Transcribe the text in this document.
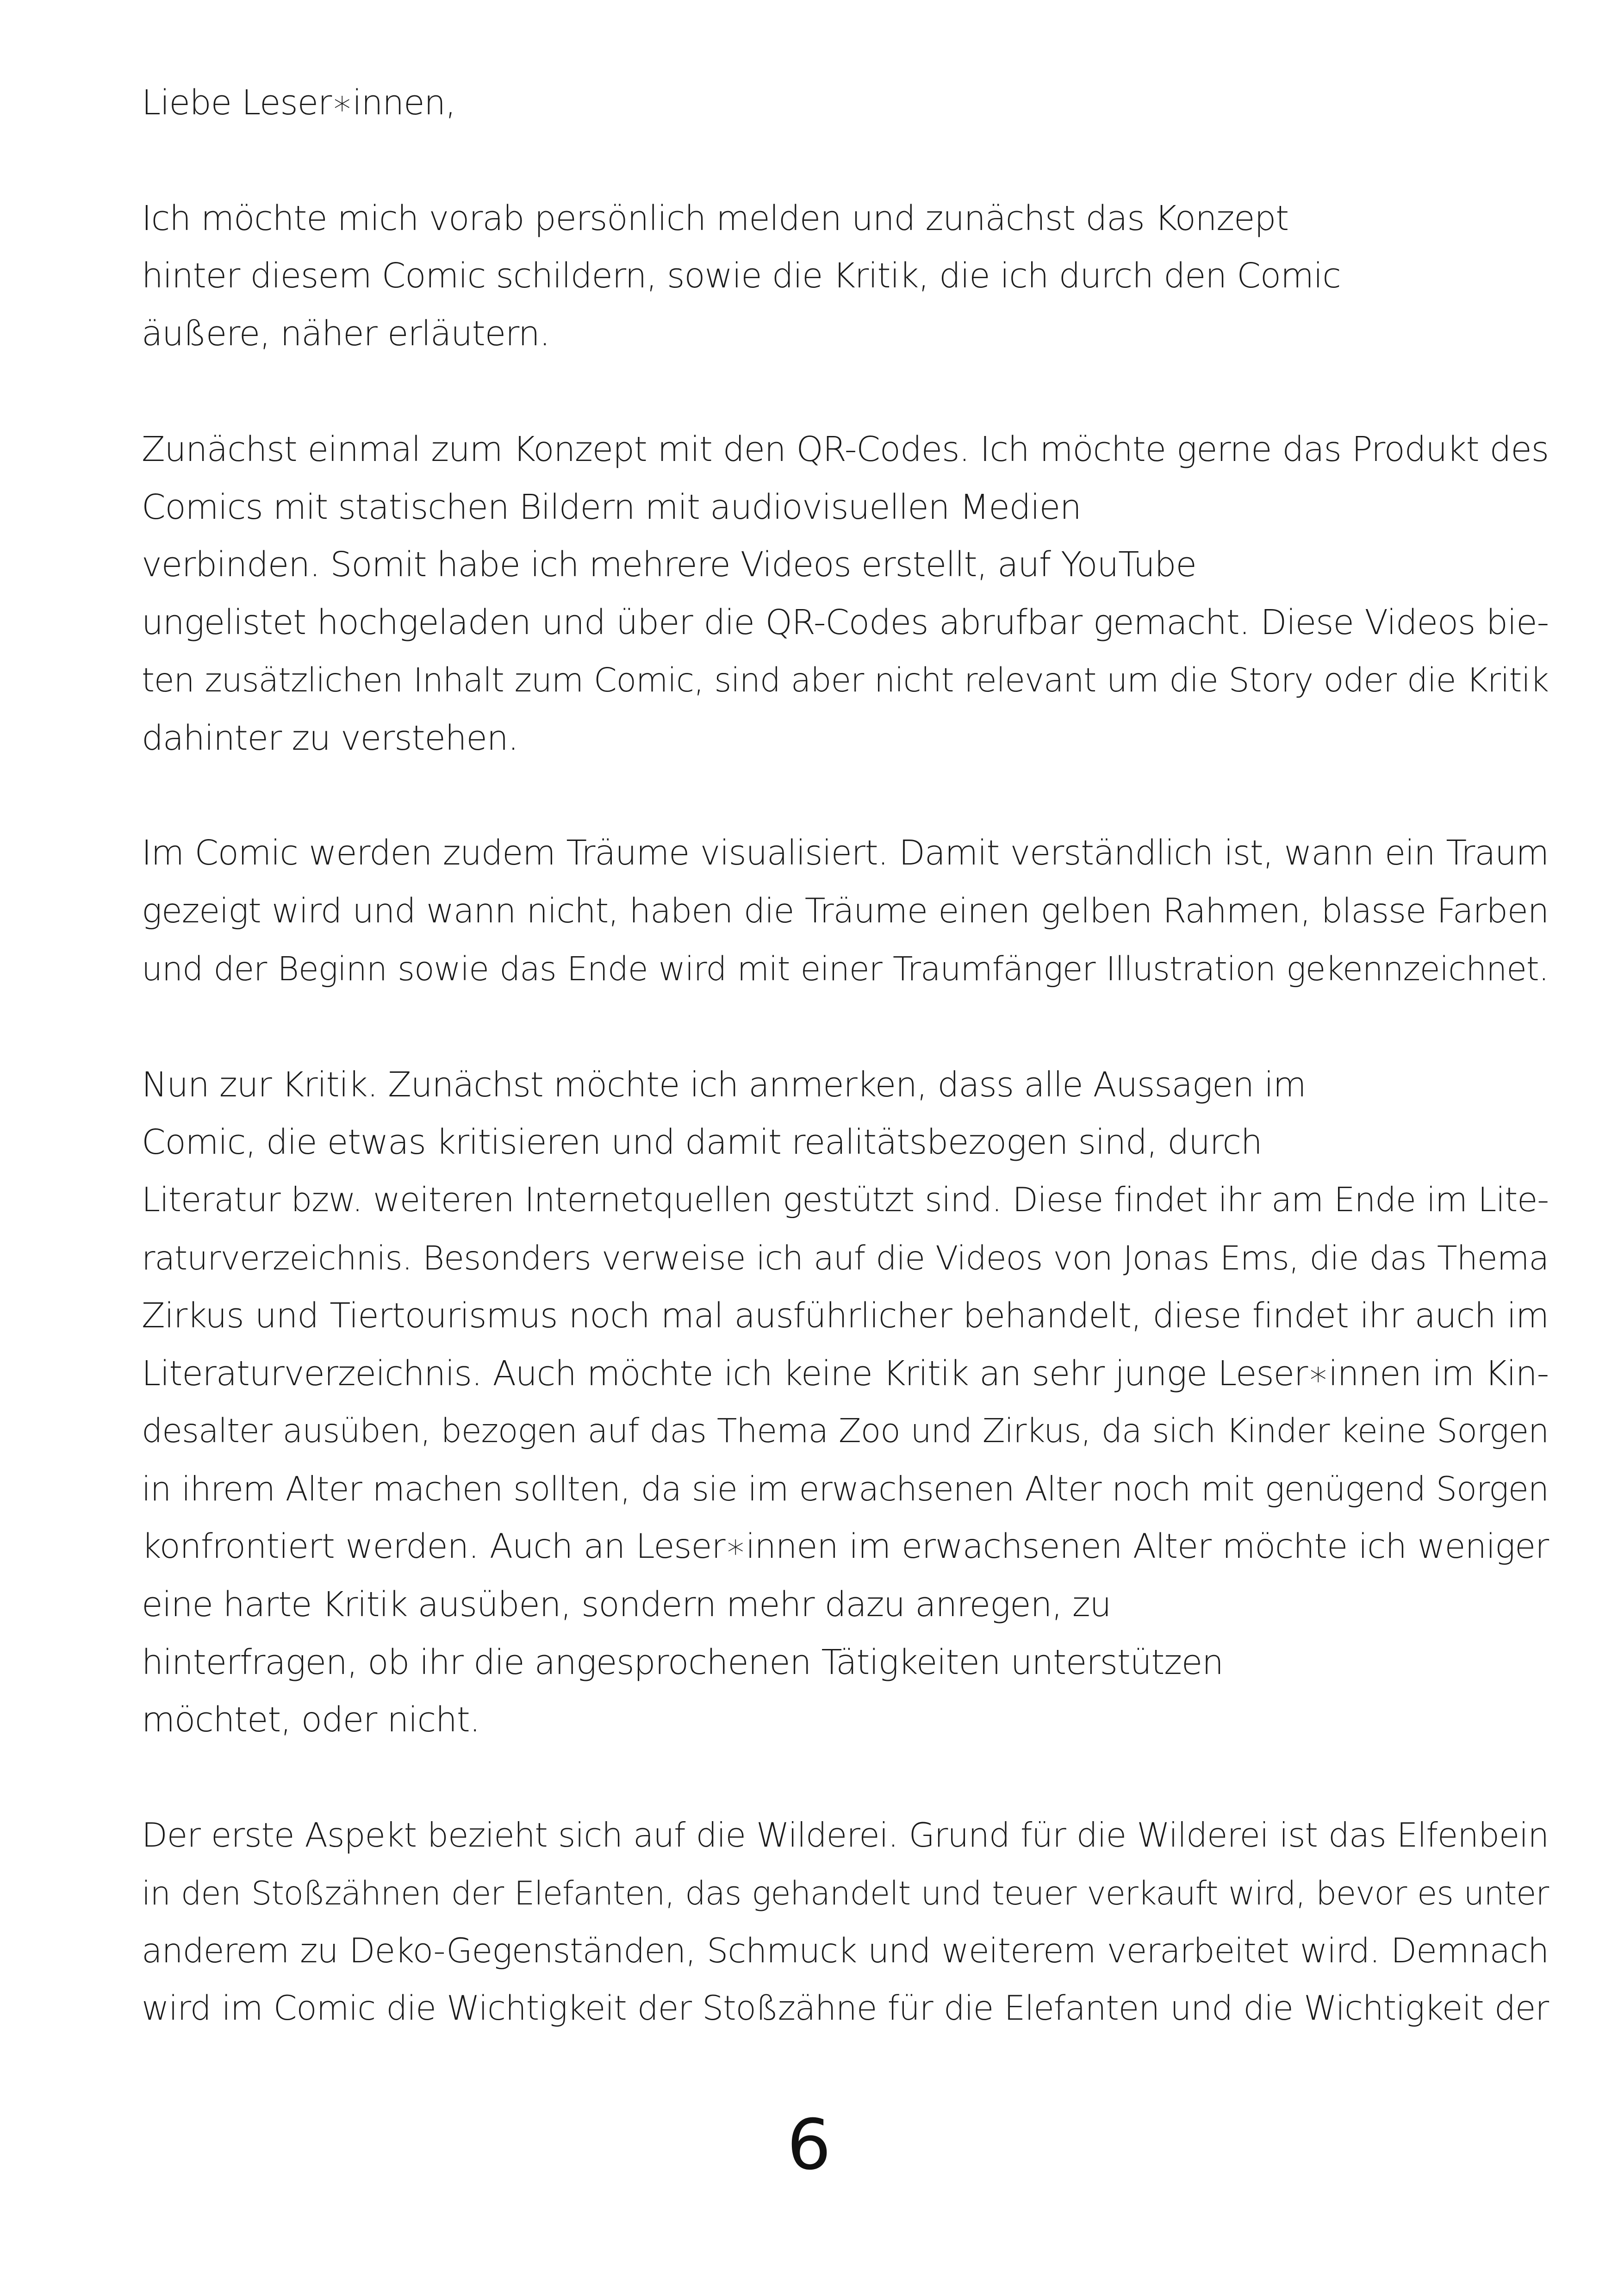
Liebe Leser∗innen,
Ich möchte mich vorab persönlich melden und zunächst das Konzept
hinter diesem Comic schildern, sowie die Kritik, die ich durch den Comic
äußere, näher erläutern.
Zunächst einmal zum Konzept mit den QR-Codes. Ich möchte gerne das Produkt des
Comics mit statischen Bildern mit audiovisuellen Medien
verbinden. Somit habe ich mehrere Videos erstellt, auf YouTube
ungelistet hochgeladen und über die QR-Codes abrufbar gemacht. Diese Videos bie-
ten zusätzlichen Inhalt zum Comic, sind aber nicht relevant um die Story oder die Kritik
dahinter zu verstehen.
Im Comic werden zudem Träume visualisiert. Damit verständlich ist, wann ein Traum
gezeigt wird und wann nicht, haben die Träume einen gelben Rahmen, blasse Farben
und der Beginn sowie das Ende wird mit einer Traumfänger Illustration gekennzeichnet.
Nun zur Kritik. Zunächst möchte ich anmerken, dass alle Aussagen im
Comic, die etwas kritisieren und damit realitätsbezogen sind, durch
Literatur bzw. weiteren Internetquellen gestützt sind. Diese findet ihr am Ende im Lite-
raturverzeichnis. Besonders verweise ich auf die Videos von Jonas Ems, die das Thema
Zirkus und Tiertourismus noch mal ausführlicher behandelt, diese findet ihr auch im
Literaturverzeichnis. Auch möchte ich keine Kritik an sehr junge Leser∗innen im Kin-
desalter ausüben, bezogen auf das Thema Zoo und Zirkus, da sich Kinder keine Sorgen
in ihrem Alter machen sollten, da sie im erwachsenen Alter noch mit genügend Sorgen
konfrontiert werden. Auch an Leser∗innen im erwachsenen Alter möchte ich weniger
eine harte Kritik ausüben, sondern mehr dazu anregen, zu
hinterfragen, ob ihr die angesprochenen Tätigkeiten unterstützen
möchtet, oder nicht.
Der erste Aspekt bezieht sich auf die Wilderei. Grund für die Wilderei ist das Elfenbein
in den Stoßzähnen der Elefanten, das gehandelt und teuer verkauft wird, bevor es unter
anderem zu Deko-Gegenständen, Schmuck und weiterem verarbeitet wird. Demnach
wird im Comic die Wichtigkeit der Stoßzähne für die Elefanten und die Wichtigkeit der
6
